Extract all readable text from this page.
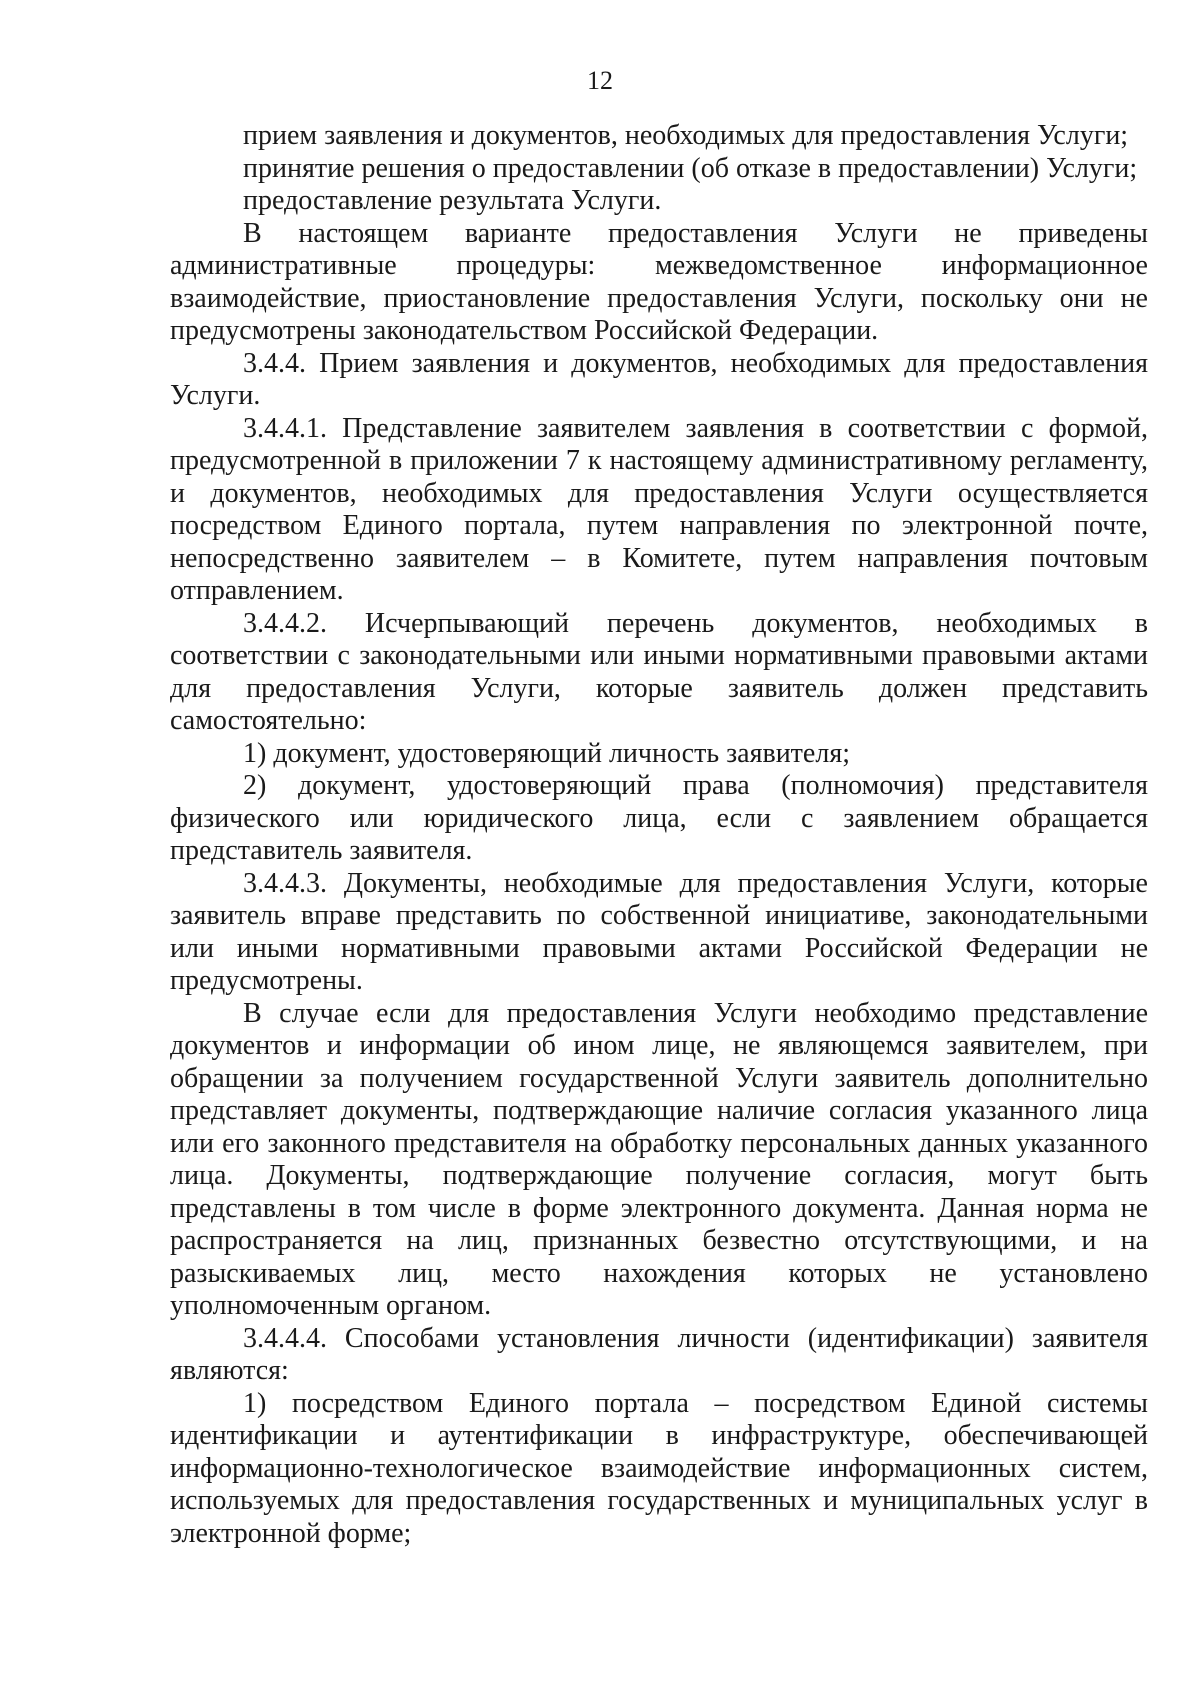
12

прием заявления и документов, необходимых для предоставления Услуги;

принятие решения о предоставлении (об отказе в предоставлении) Услуги;

предоставление результата Услуги.

В настоящем варианте предоставления Услуги не приведены административные процедуры: межведомственное информационное взаимодействие, приостановление предоставления Услуги, поскольку они не предусмотрены законодательством Российской Федерации.

3.4.4. Прием заявления и документов, необходимых для предоставления Услуги.

3.4.4.1. Представление заявителем заявления в соответствии с формой, предусмотренной в приложении 7 к настоящему административному регламенту, и документов, необходимых для предоставления Услуги осуществляется посредством Единого портала, путем направления по электронной почте, непосредственно заявителем – в Комитете, путем направления почтовым отправлением.

3.4.4.2. Исчерпывающий перечень документов, необходимых в соответствии с законодательными или иными нормативными правовыми актами для предоставления Услуги, которые заявитель должен представить самостоятельно:

1) документ, удостоверяющий личность заявителя;

2) документ, удостоверяющий права (полномочия) представителя физического или юридического лица, если с заявлением обращается представитель заявителя.

3.4.4.3. Документы, необходимые для предоставления Услуги, которые заявитель вправе представить по собственной инициативе, законодательными или иными нормативными правовыми актами Российской Федерации не предусмотрены.

В случае если для предоставления Услуги необходимо представление документов и информации об ином лице, не являющемся заявителем, при обращении за получением государственной Услуги заявитель дополнительно представляет документы, подтверждающие наличие согласия указанного лица или его законного представителя на обработку персональных данных указанного лица. Документы, подтверждающие получение согласия, могут быть представлены в том числе в форме электронного документа. Данная норма не распространяется на лиц, признанных безвестно отсутствующими, и на разыскиваемых лиц, место нахождения которых не установлено уполномоченным органом.

3.4.4.4. Способами установления личности (идентификации) заявителя являются:

1) посредством Единого портала – посредством Единой системы идентификации и аутентификации в инфраструктуре, обеспечивающей информационно-технологическое взаимодействие информационных систем, используемых для предоставления государственных и муниципальных услуг в электронной форме;
